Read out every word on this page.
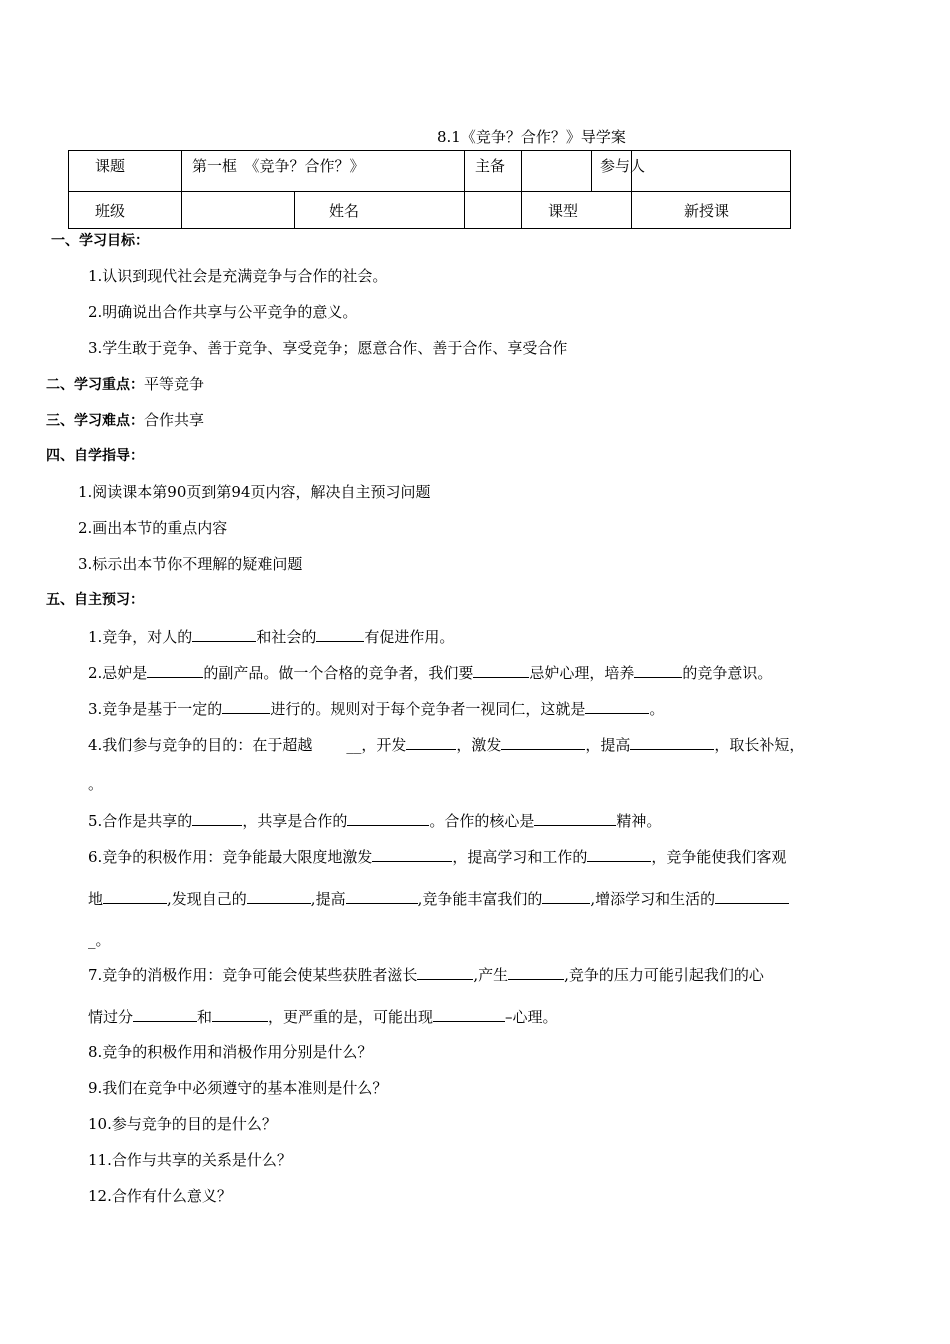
8.1《竞争？合作？》导学案
课题	第一框　《竞争？合作？》		主备		参与人	
班级		姓名		课型		新授课
一、学习目标：
1.认识到现代社会是充满竞争与合作的社会。
2.明确说出合作共享与公平竞争的意义。
3.学生敢于竞争、善于竞争、享受竞争；愿意合作、善于合作、享受合作
二、学习重点：平等竞争
三、学习难点：合作共享
四、自学指导：
1.阅读课本第90页到第94页内容，解决自主预习问题
2.画出本节的重点内容
3.标示出本节你不理解的疑难问题
五、自主预习：
1.竞争，对人的	和社会的	有促进作用。
2.忌妒是	的副产品。做一个合格的竞争者，我们要	忌妒心理，培养	的竞争意识。
3.竞争是基于一定的	进行的。规则对于每个竞争者一视同仁，这就是	。
4.我们参与竞争的目的：在于超越 __，开发	，激发	，提高	，取长补短，
。
5.合作是共享的	，共享是合作的	。合作的核心是	精神。
6.竞争的积极作用：竞争能最大限度地激发	，提高学习和工作的	，竞争能使我们客观
地	,发现自己的	,提高	,竞争能丰富我们的	,增添学习和生活的
_。
7.竞争的消极作用：竞争可能会使某些获胜者滋长	,产生	,竞争的压力可能引起我们的心
情过分	和	，更严重的是，可能出现	–心理。
8.竞争的积极作用和消极作用分别是什么？
9.我们在竞争中必须遵守的基本准则是什么？
10.参与竞争的目的是什么？
11.合作与共享的关系是什么？
12.合作有什么意义？
